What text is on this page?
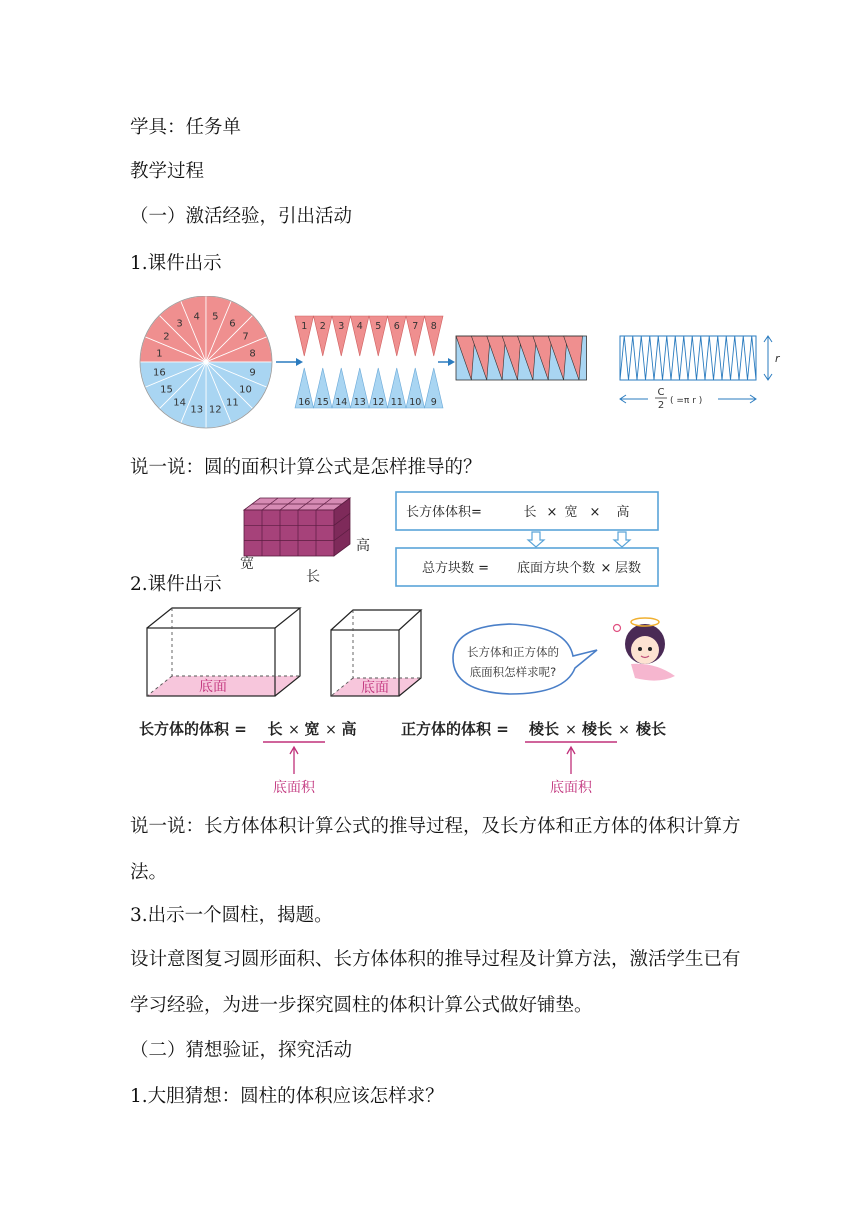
学具：任务单
教学过程
（一）激活经验，引出活动
1.课件出示
1
2
3
4 5
6
7
8
9
10
11
12
13
14
15
16
1
16
2
15
3
14
4
13
5
12
6
11
7
10
8
9
r
C
2 ( =π r )
说一说：圆的面积计算公式是怎样推导的？
宽
长
高
长方体体积=	长 × 宽 × 高
总方块数 = 底面方块个数 × 层数
2.课件出示
底面	底面
长方体和正方体的
底面积怎样求呢?
长方体的体积 = 长 × 宽 × 高
底面积
正方体的体积 = 棱长 × 棱长 × 棱长
底面积
说一说：长方体体积计算公式的推导过程，及长方体和正方体的体积计算方法。
3.出示一个圆柱，揭题。
设计意图复习圆形面积、长方体体积的推导过程及计算方法，激活学生已有学习经验，为进一步探究圆柱的体积计算公式做好铺垫。
（二）猜想验证，探究活动
1.大胆猜想：圆柱的体积应该怎样求？
